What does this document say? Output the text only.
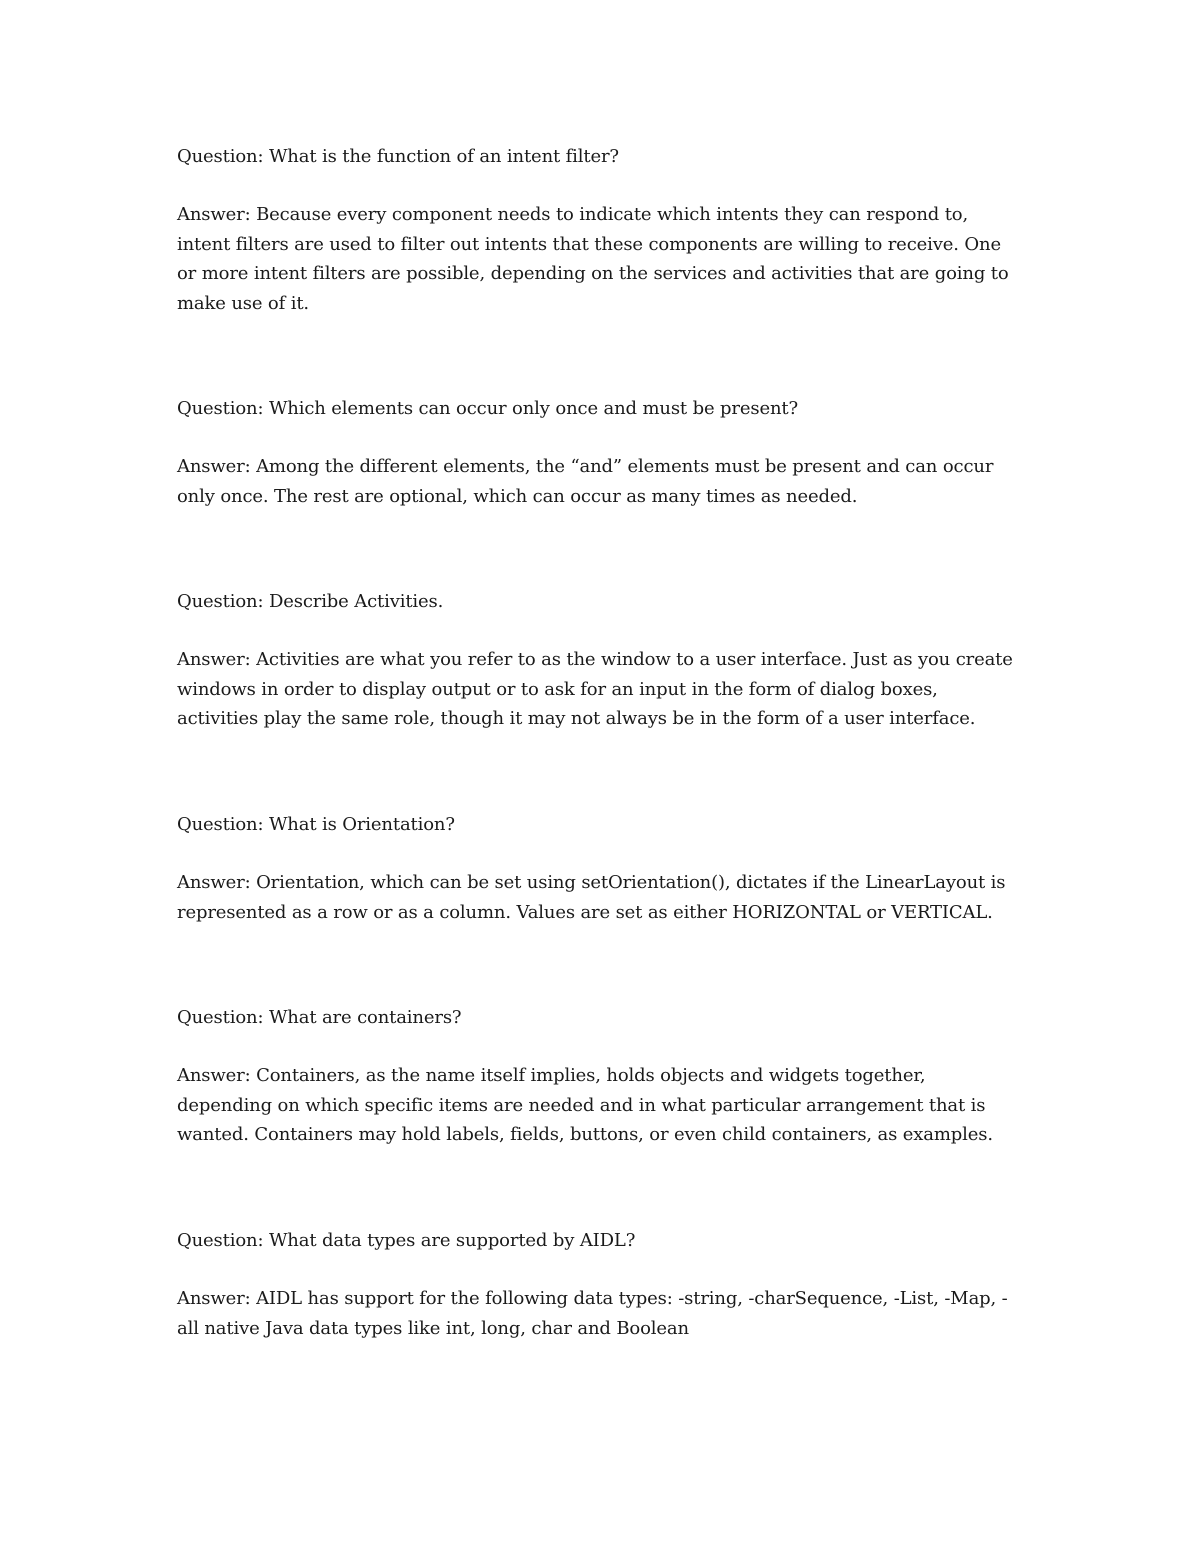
Question: What is the function of an intent filter?

Answer: Because every component needs to indicate which intents they can respond to,

intent filters are used to filter out intents that these components are willing to receive. One

or more intent filters are possible, depending on the services and activities that are going to

make use of it.

Question: Which elements can occur only once and must be present?

Answer: Among the different elements, the “and” elements must be present and can occur

only once. The rest are optional, which can occur as many times as needed.

Question: Describe Activities.

Answer: Activities are what you refer to as the window to a user interface. Just as you create

windows in order to display output or to ask for an input in the form of dialog boxes,

activities play the same role, though it may not always be in the form of a user interface.

Question: What is Orientation?

Answer: Orientation, which can be set using setOrientation(), dictates if the LinearLayout is

represented as a row or as a column. Values are set as either HORIZONTAL or VERTICAL.

Question: What are containers?

Answer: Containers, as the name itself implies, holds objects and widgets together,

depending on which specific items are needed and in what particular arrangement that is

wanted. Containers may hold labels, fields, buttons, or even child containers, as examples.

Question: What data types are supported by AIDL?

Answer: AIDL has support for the following data types: -string, -charSequence, -List, -Map, -

all native Java data types like int, long, char and Boolean
